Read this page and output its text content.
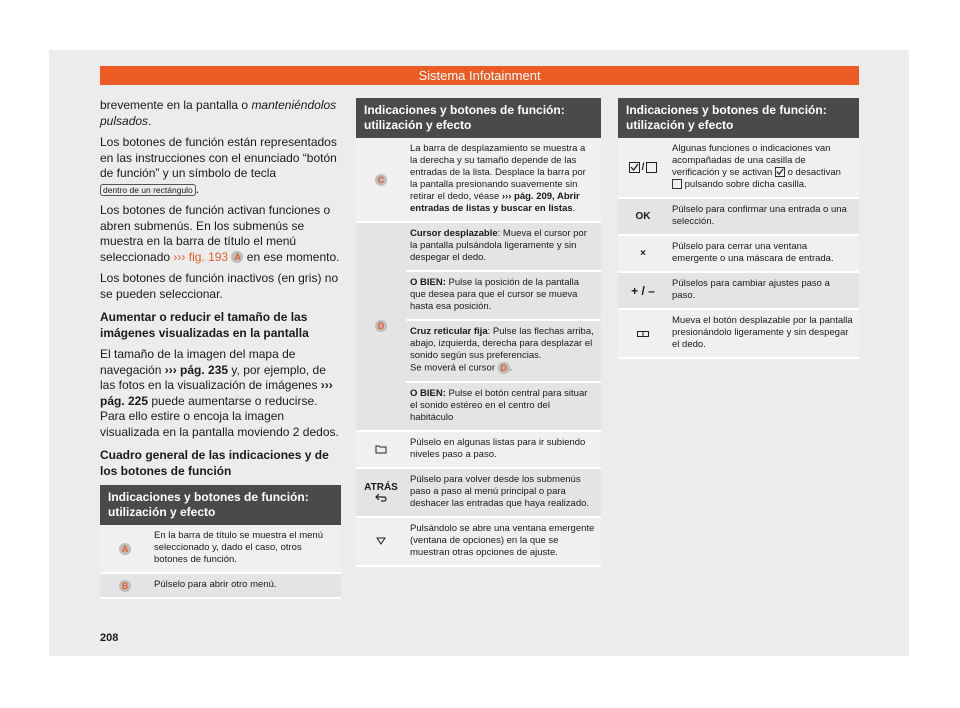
Sistema Infotainment

brevemente en la pantalla o manteniéndolos pulsados.

Los botones de función están representados en las instrucciones con el enunciado “botón de función” y un símbolo de tecla dentro de un rectángulo .

Los botones de función activan funciones o abren submenús. En los submenús se muestra en la barra de título el menú seleccionado ››› fig. 193 A en ese momento.

Los botones de función inactivos (en gris) no se pueden seleccionar.

Aumentar o reducir el tamaño de las imágenes visualizadas en la pantalla

El tamaño de la imagen del mapa de navegación ››› pág. 235 y, por ejemplo, de las fotos en la visualización de imágenes ››› pág. 225 puede aumentarse o reducirse. Para ello estire o encoja la imagen visualizada en la pantalla moviendo 2 dedos.

Cuadro general de las indicaciones y de los botones de función
Indicaciones y botones de función: utilización y efecto
A
En la barra de título se muestra el menú seleccionado y, dado el caso, otros botones de función.
B	Púlselo para abrir otro menú.
Indicaciones y botones de función: utilización y efecto
C
La barra de desplazamiento se muestra a la derecha y su tamaño depende de las entradas de la lista. Desplace la barra por la pantalla presionando suavemente sin retirar el dedo, véase ››› pág. 209, Abrir entradas de listas y buscar en listas.
D
Cursor desplazable: Mueva el cursor por la pantalla pulsándola ligeramente y sin despegar el dedo.
O BIEN: Pulse la posición de la pantalla que desea para que el cursor se mueva hasta esa posición.
Cruz reticular fija: Pulse las flechas arriba, abajo, izquierda, derecha para desplazar el sonido según sus preferencias.
Se moverá el cursor D .
O BIEN: Pulse el botón central para situar el sonido estéreo en el centro del habitáculo
Púlselo en algunas listas para ir subiendo niveles paso a paso.
ATRÁS
Púlselo para volver desde los submenús paso a paso al menú principal o para deshacer las entradas que haya realizado.
Pulsándolo se abre una ventana emergente (ventana de opciones) en la que se muestran otras opciones de ajuste.
Indicaciones y botones de función: utilización y efecto
/
Algunas funciones o indicaciones van acompañadas de una casilla de verificación y se activan  o desactivan  pulsando sobre dicha casilla.
OK
Púlselo para confirmar una entrada o una selección.
×
Púlselo para cerrar una ventana emergente o una máscara de entrada.
+ / –	Púlselos para cambiar ajustes paso a paso.
Mueva el botón desplazable por la pantalla presionándolo ligeramente y sin despegar el dedo.
208
